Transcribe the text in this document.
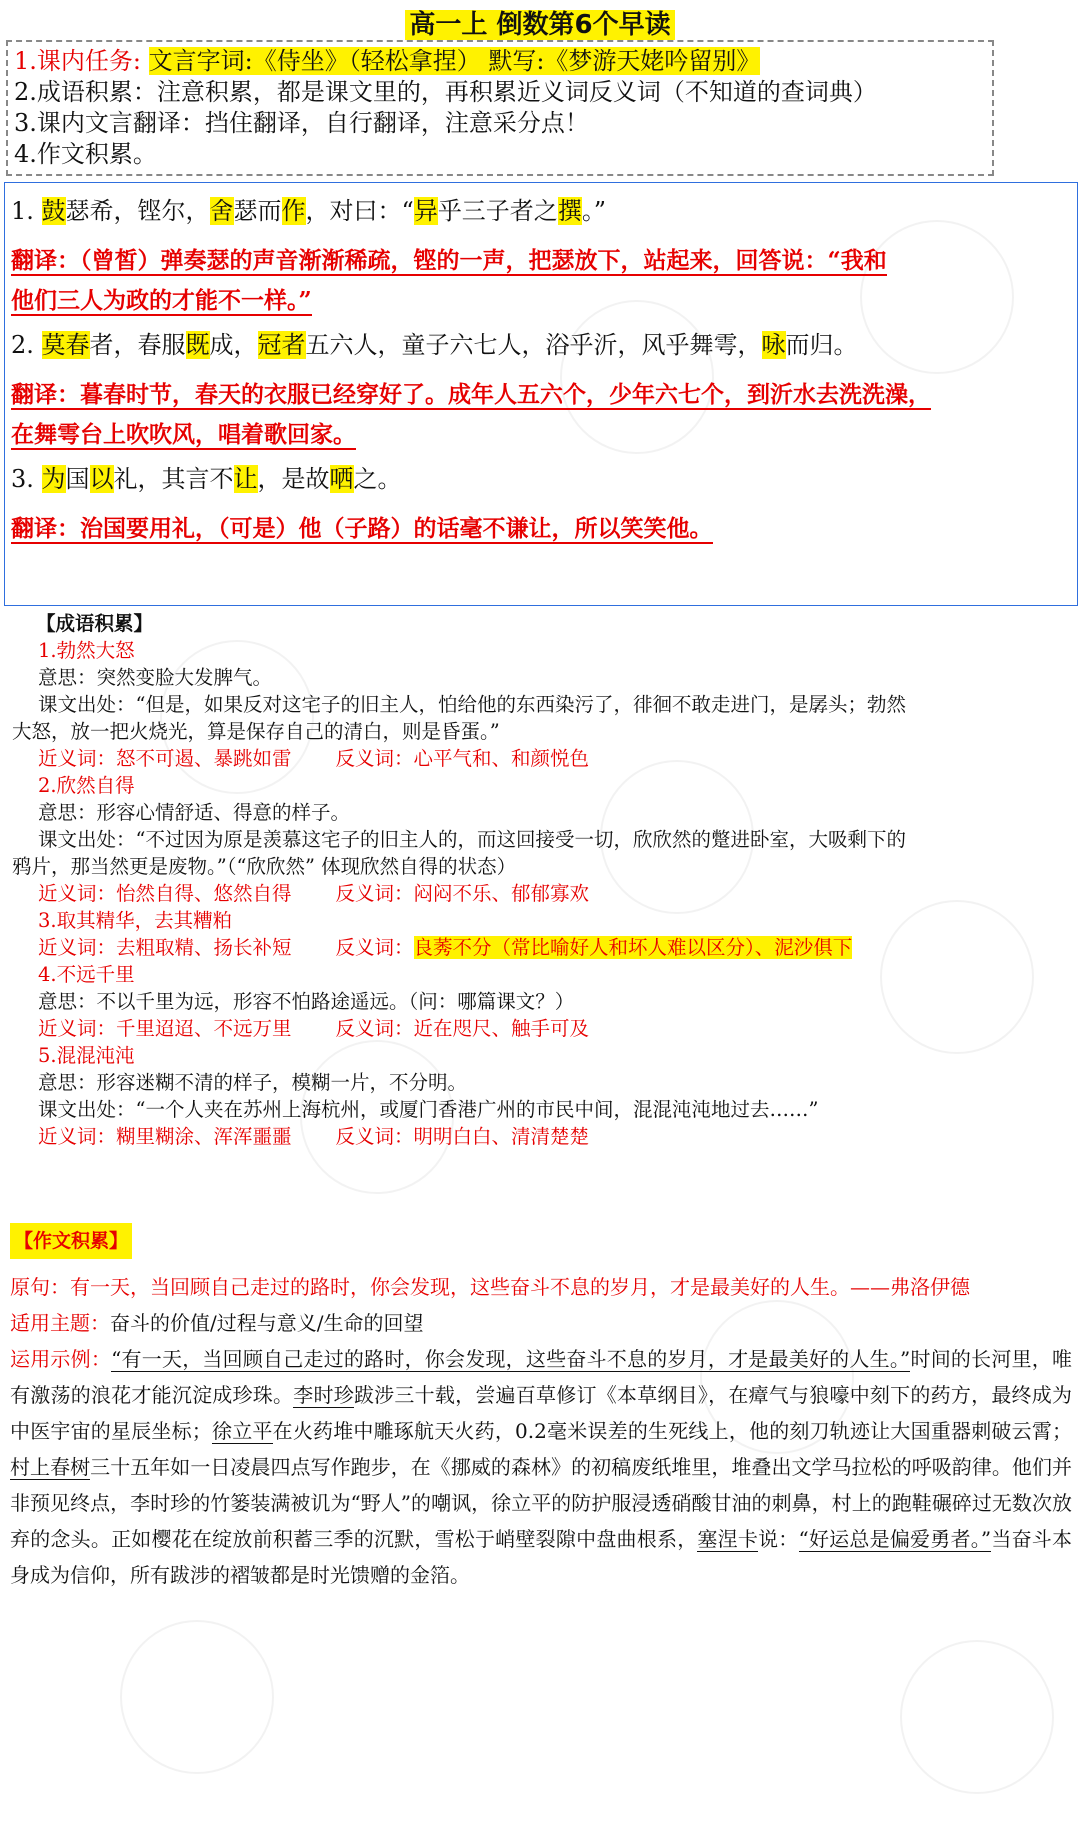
高一上 倒数第6个早读
1.课内任务: 文言字词:《侍坐》（轻松拿捏） 默写:《梦游天姥吟留别》
2.成语积累：注意积累，都是课文里的，再积累近义词反义词（不知道的查词典）
3.课内文言翻译：挡住翻译，自行翻译，注意采分点！
4.作文积累。
1. 鼓瑟希，铿尔，舍瑟而作，对曰：“异乎三子者之撰。”
翻译：（曾皙）弹奏瑟的声音渐渐稀疏，铿的一声，把瑟放下，站起来，回答说：“我和
他们三人为政的才能不一样。”
2. 莫春者，春服既成，冠者五六人，童子六七人，浴乎沂，风乎舞雩，咏而归。
翻译：暮春时节，春天的衣服已经穿好了。成年人五六个，少年六七个，到沂水去洗洗澡，
在舞雩台上吹吹风，唱着歌回家。
3. 为国以礼，其言不让，是故哂之。
翻译：治国要用礼，（可是）他（子路）的话毫不谦让，所以笑笑他。
【成语积累】
1.勃然大怒
意思：突然变脸大发脾气。
课文出处：“但是，如果反对这宅子的旧主人，怕给他的东西染污了，徘徊不敢走进门，是孱头；勃然
大怒，放一把火烧光，算是保存自己的清白，则是昏蛋。”
近义词：怒不可遏、暴跳如雷 反义词：心平气和、和颜悦色
2.欣然自得
意思：形容心情舒适、得意的样子。
课文出处：“不过因为原是羡慕这宅子的旧主人的，而这回接受一切，欣欣然的蹩进卧室，大吸剩下的
鸦片，那当然更是废物。”（“欣欣然” 体现欣然自得的状态）
近义词：怡然自得、悠然自得 反义词：闷闷不乐、郁郁寡欢
3.取其精华，去其糟粕
近义词：去粗取精、扬长补短 反义词：良莠不分（常比喻好人和坏人难以区分）、泥沙俱下
4.不远千里
意思：不以千里为远，形容不怕路途遥远。（问：哪篇课文？）
近义词：千里迢迢、不远万里 反义词：近在咫尺、触手可及
5.混混沌沌
意思：形容迷糊不清的样子，模糊一片，不分明。
课文出处：“一个人夹在苏州上海杭州，或厦门香港广州的市民中间，混混沌沌地过去……”
近义词：糊里糊涂、浑浑噩噩 反义词：明明白白、清清楚楚
【作文积累】
原句：有一天，当回顾自己走过的路时，你会发现，这些奋斗不息的岁月，才是最美好的人生。——弗洛伊德
适用主题：奋斗的价值/过程与意义/生命的回望
运用示例：“有一天，当回顾自己走过的路时，你会发现，这些奋斗不息的岁月，才是最美好的人生。”时间的长河里，唯有激荡的浪花才能沉淀成珍珠。李时珍跋涉三十载，尝遍百草修订《本草纲目》，在瘴气与狼嚎中刻下的药方，最终成为中医宇宙的星辰坐标；徐立平在火药堆中雕琢航天火药，0.2毫米误差的生死线上，他的刻刀轨迹让大国重器刺破云霄；村上春树三十五年如一日凌晨四点写作跑步，在《挪威的森林》的初稿废纸堆里，堆叠出文学马拉松的呼吸韵律。他们并非预见终点，李时珍的竹篓装满被讥为“野人”的嘲讽，徐立平的防护服浸透硝酸甘油的刺鼻，村上的跑鞋碾碎过无数次放弃的念头。正如樱花在绽放前积蓄三季的沉默，雪松于峭壁裂隙中盘曲根系，塞涅卡说：“好运总是偏爱勇者。”当奋斗本身成为信仰，所有跋涉的褶皱都是时光馈赠的金箔。
